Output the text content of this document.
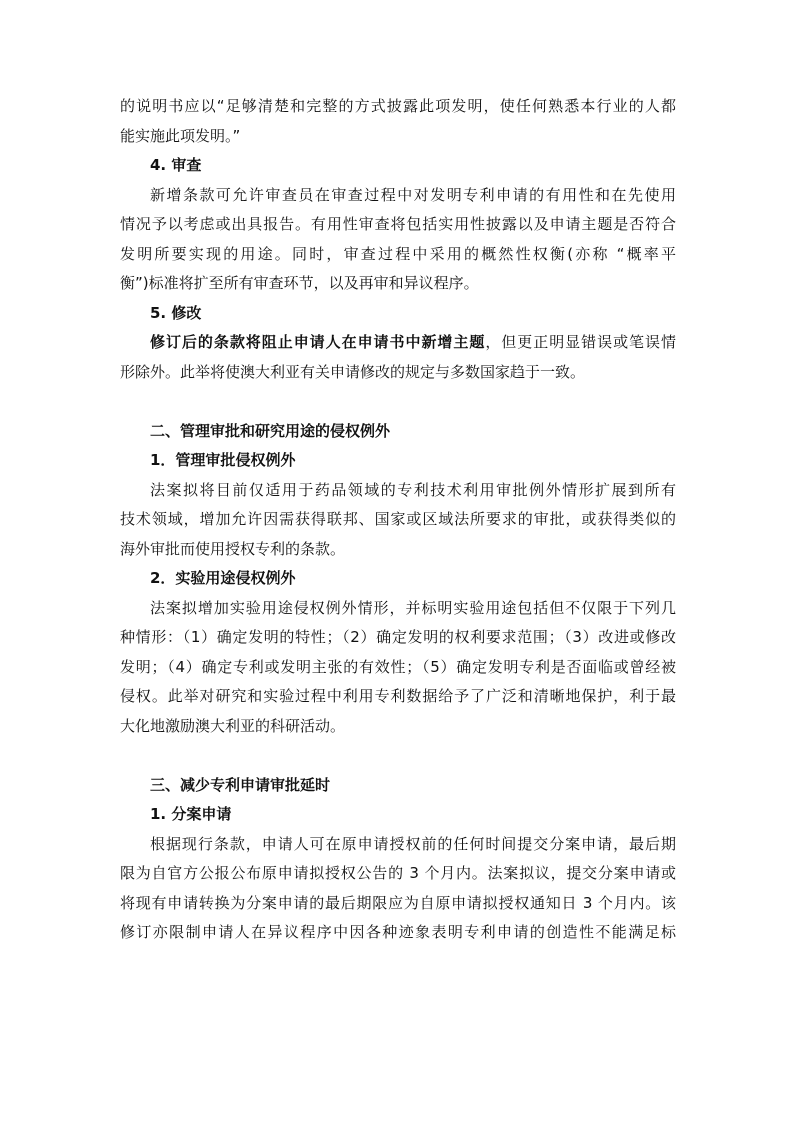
的说明书应以“足够清楚和完整的方式披露此项发明，使任何熟悉本行业的人都
能实施此项发明。”
4. 审查
新增条款可允许审查员在审查过程中对发明专利申请的有用性和在先使用
情况予以考虑或出具报告。有用性审查将包括实用性披露以及申请主题是否符合
发明所要实现的用途。同时，审查过程中采用的概然性权衡(亦称 “概率平
衡”)标准将扩至所有审查环节，以及再审和异议程序。
5. 修改
修订后的条款将阻止申请人在申请书中新增主题，但更正明显错误或笔误情
形除外。此举将使澳大利亚有关申请修改的规定与多数国家趋于一致。
二、管理审批和研究用途的侵权例外
1．管理审批侵权例外
法案拟将目前仅适用于药品领域的专利技术利用审批例外情形扩展到所有
技术领域，增加允许因需获得联邦、国家或区域法所要求的审批，或获得类似的
海外审批而使用授权专利的条款。
2．实验用途侵权例外
法案拟增加实验用途侵权例外情形，并标明实验用途包括但不仅限于下列几
种情形：（1）确定发明的特性；（2）确定发明的权利要求范围；（3）改进或修改
发明；（4）确定专利或发明主张的有效性；（5）确定发明专利是否面临或曾经被
侵权。此举对研究和实验过程中利用专利数据给予了广泛和清晰地保护，利于最
大化地激励澳大利亚的科研活动。
三、减少专利申请审批延时
1. 分案申请
根据现行条款，申请人可在原申请授权前的任何时间提交分案申请，最后期
限为自官方公报公布原申请拟授权公告的 3 个月内。法案拟议，提交分案申请或
将现有申请转换为分案申请的最后期限应为自原申请拟授权通知日 3 个月内。该
修订亦限制申请人在异议程序中因各种迹象表明专利申请的创造性不能满足标
